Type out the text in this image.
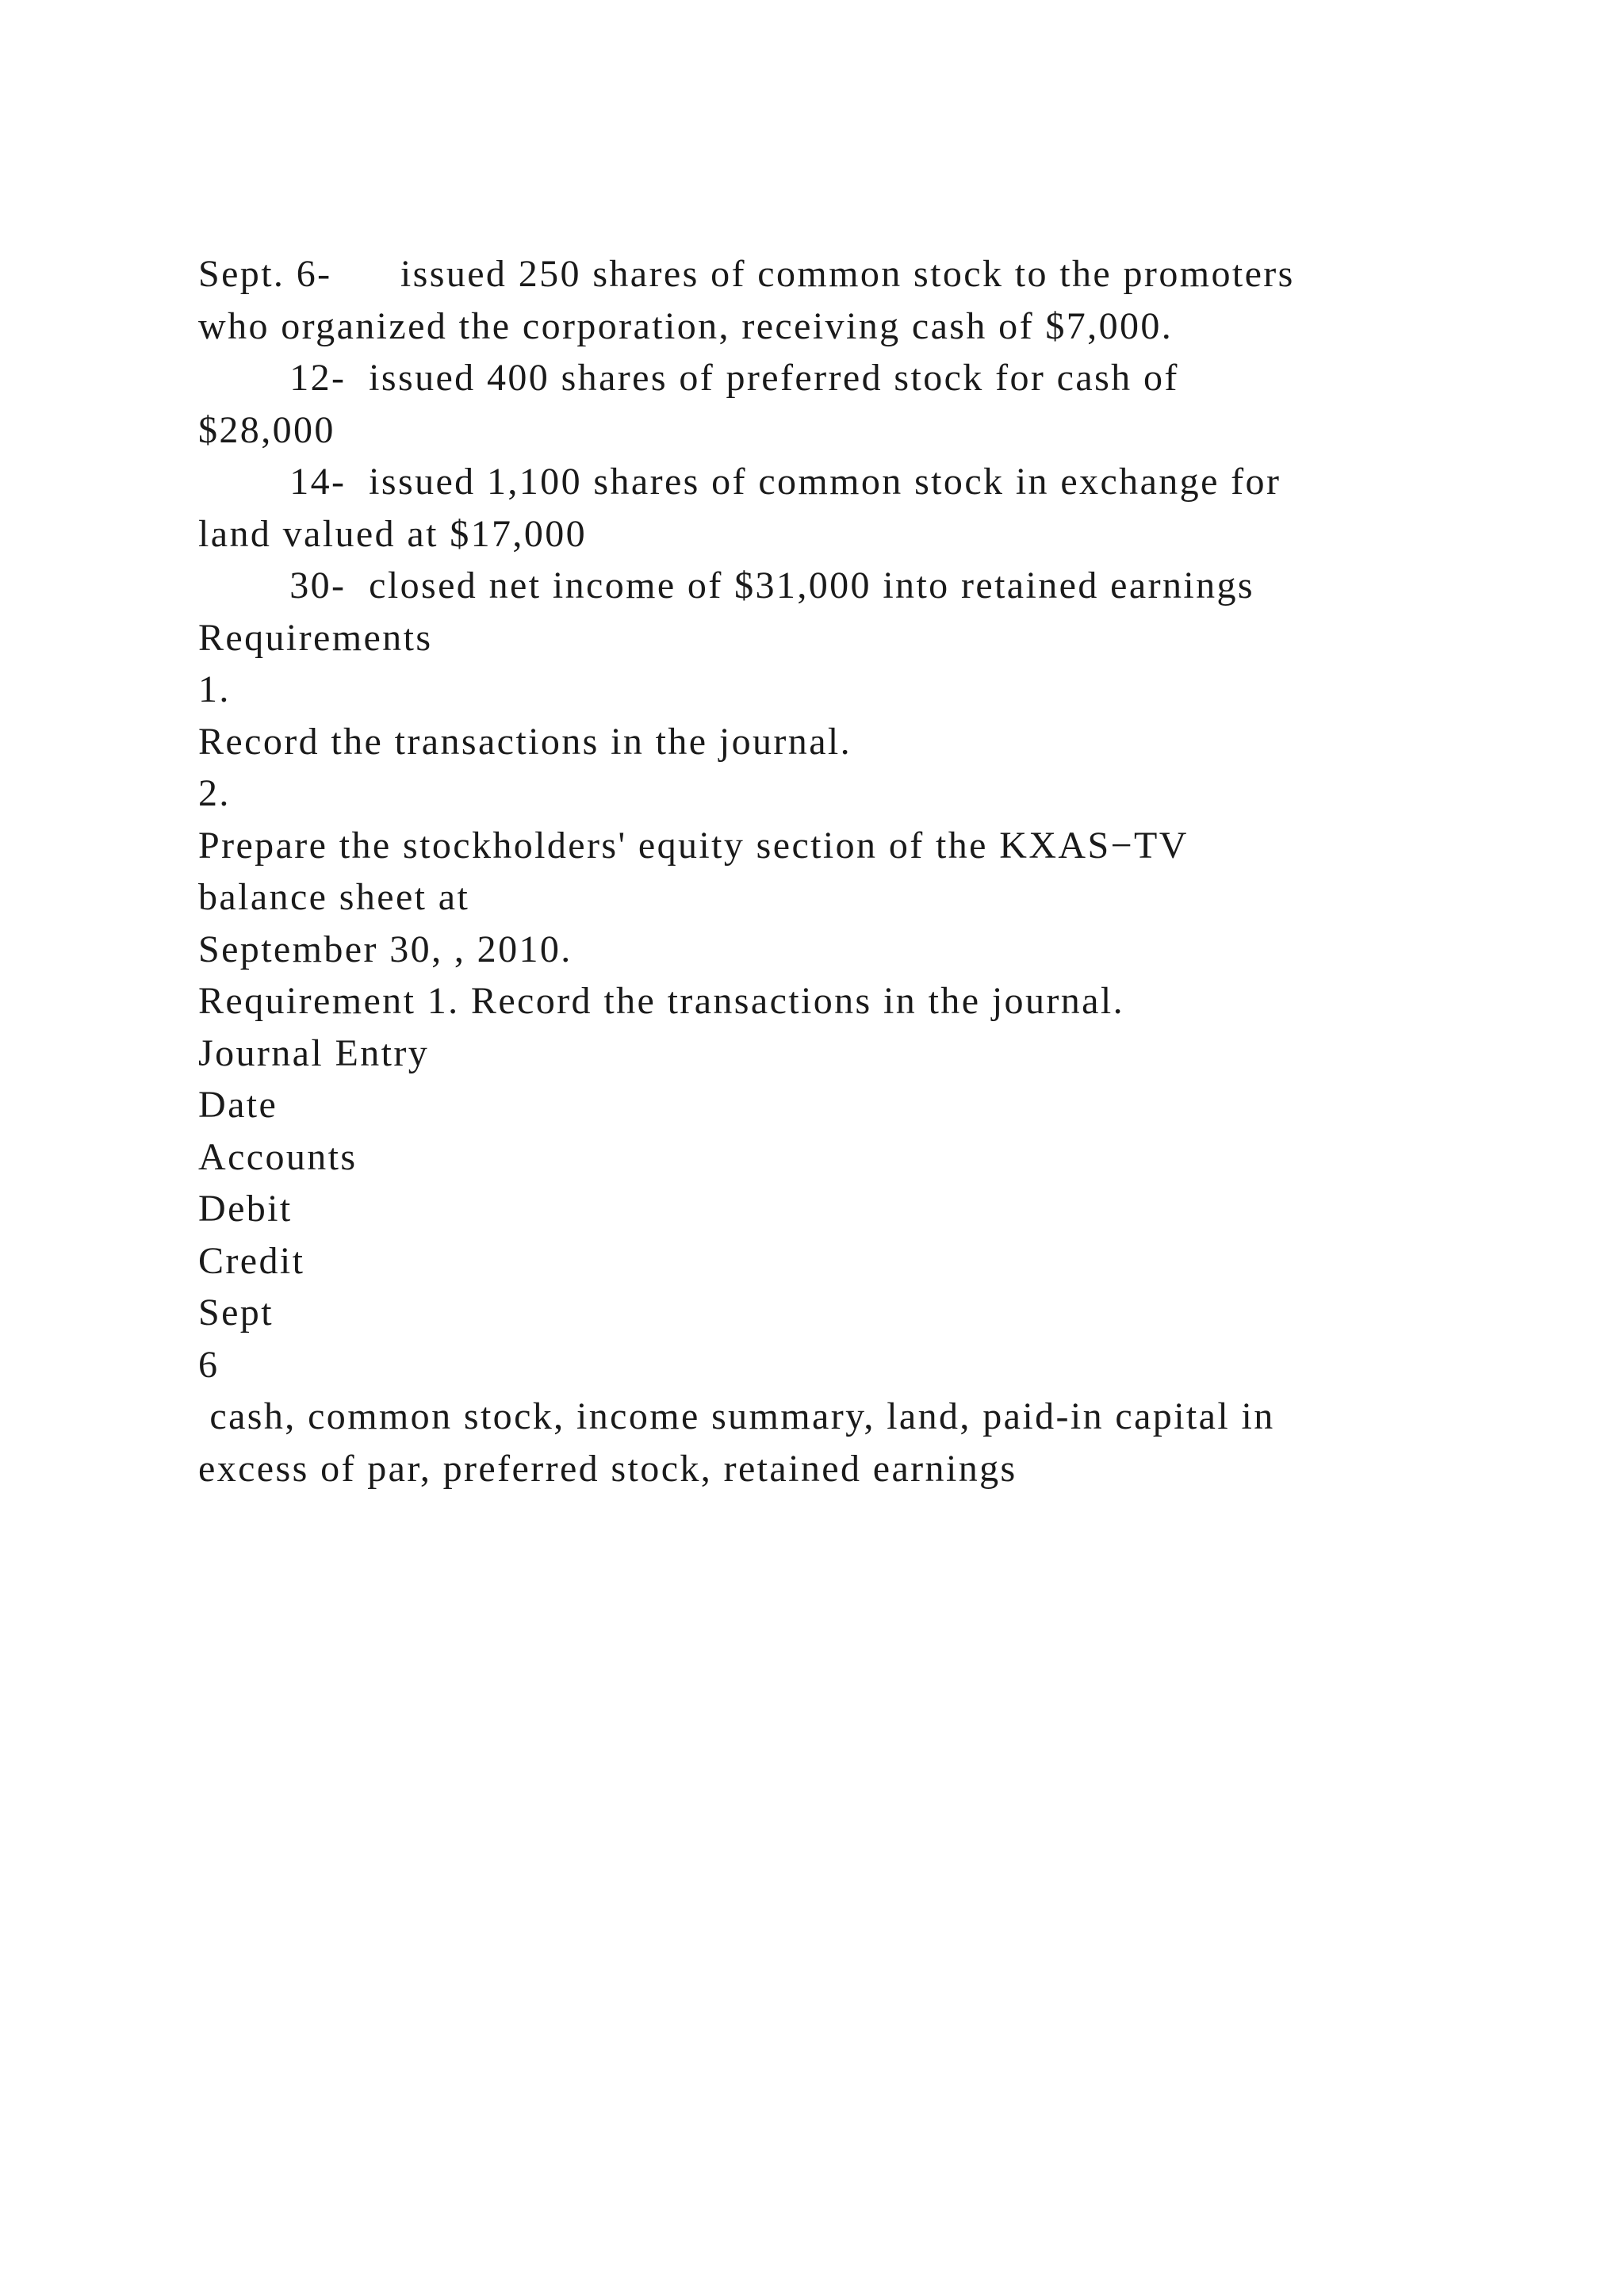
Sept. 6-      issued 250 shares of common stock to the promoters
who organized the corporation, receiving cash of $7,000.
12-  issued 400 shares of preferred stock for cash of
$28,000
14-  issued 1,100 shares of common stock in exchange for
land valued at $17,000
30-  closed net income of $31,000 into retained earnings
Requirements
1.
Record the transactions in the journal.
2.
Prepare the stockholders' equity section of the KXAS−TV
balance sheet at
September 30, , 2010.
Requirement 1. Record the transactions in the journal.
Journal Entry
Date
Accounts
Debit
Credit
Sept
6
cash, common stock, income summary, land, paid-in capital in
excess of par, preferred stock, retained earnings
